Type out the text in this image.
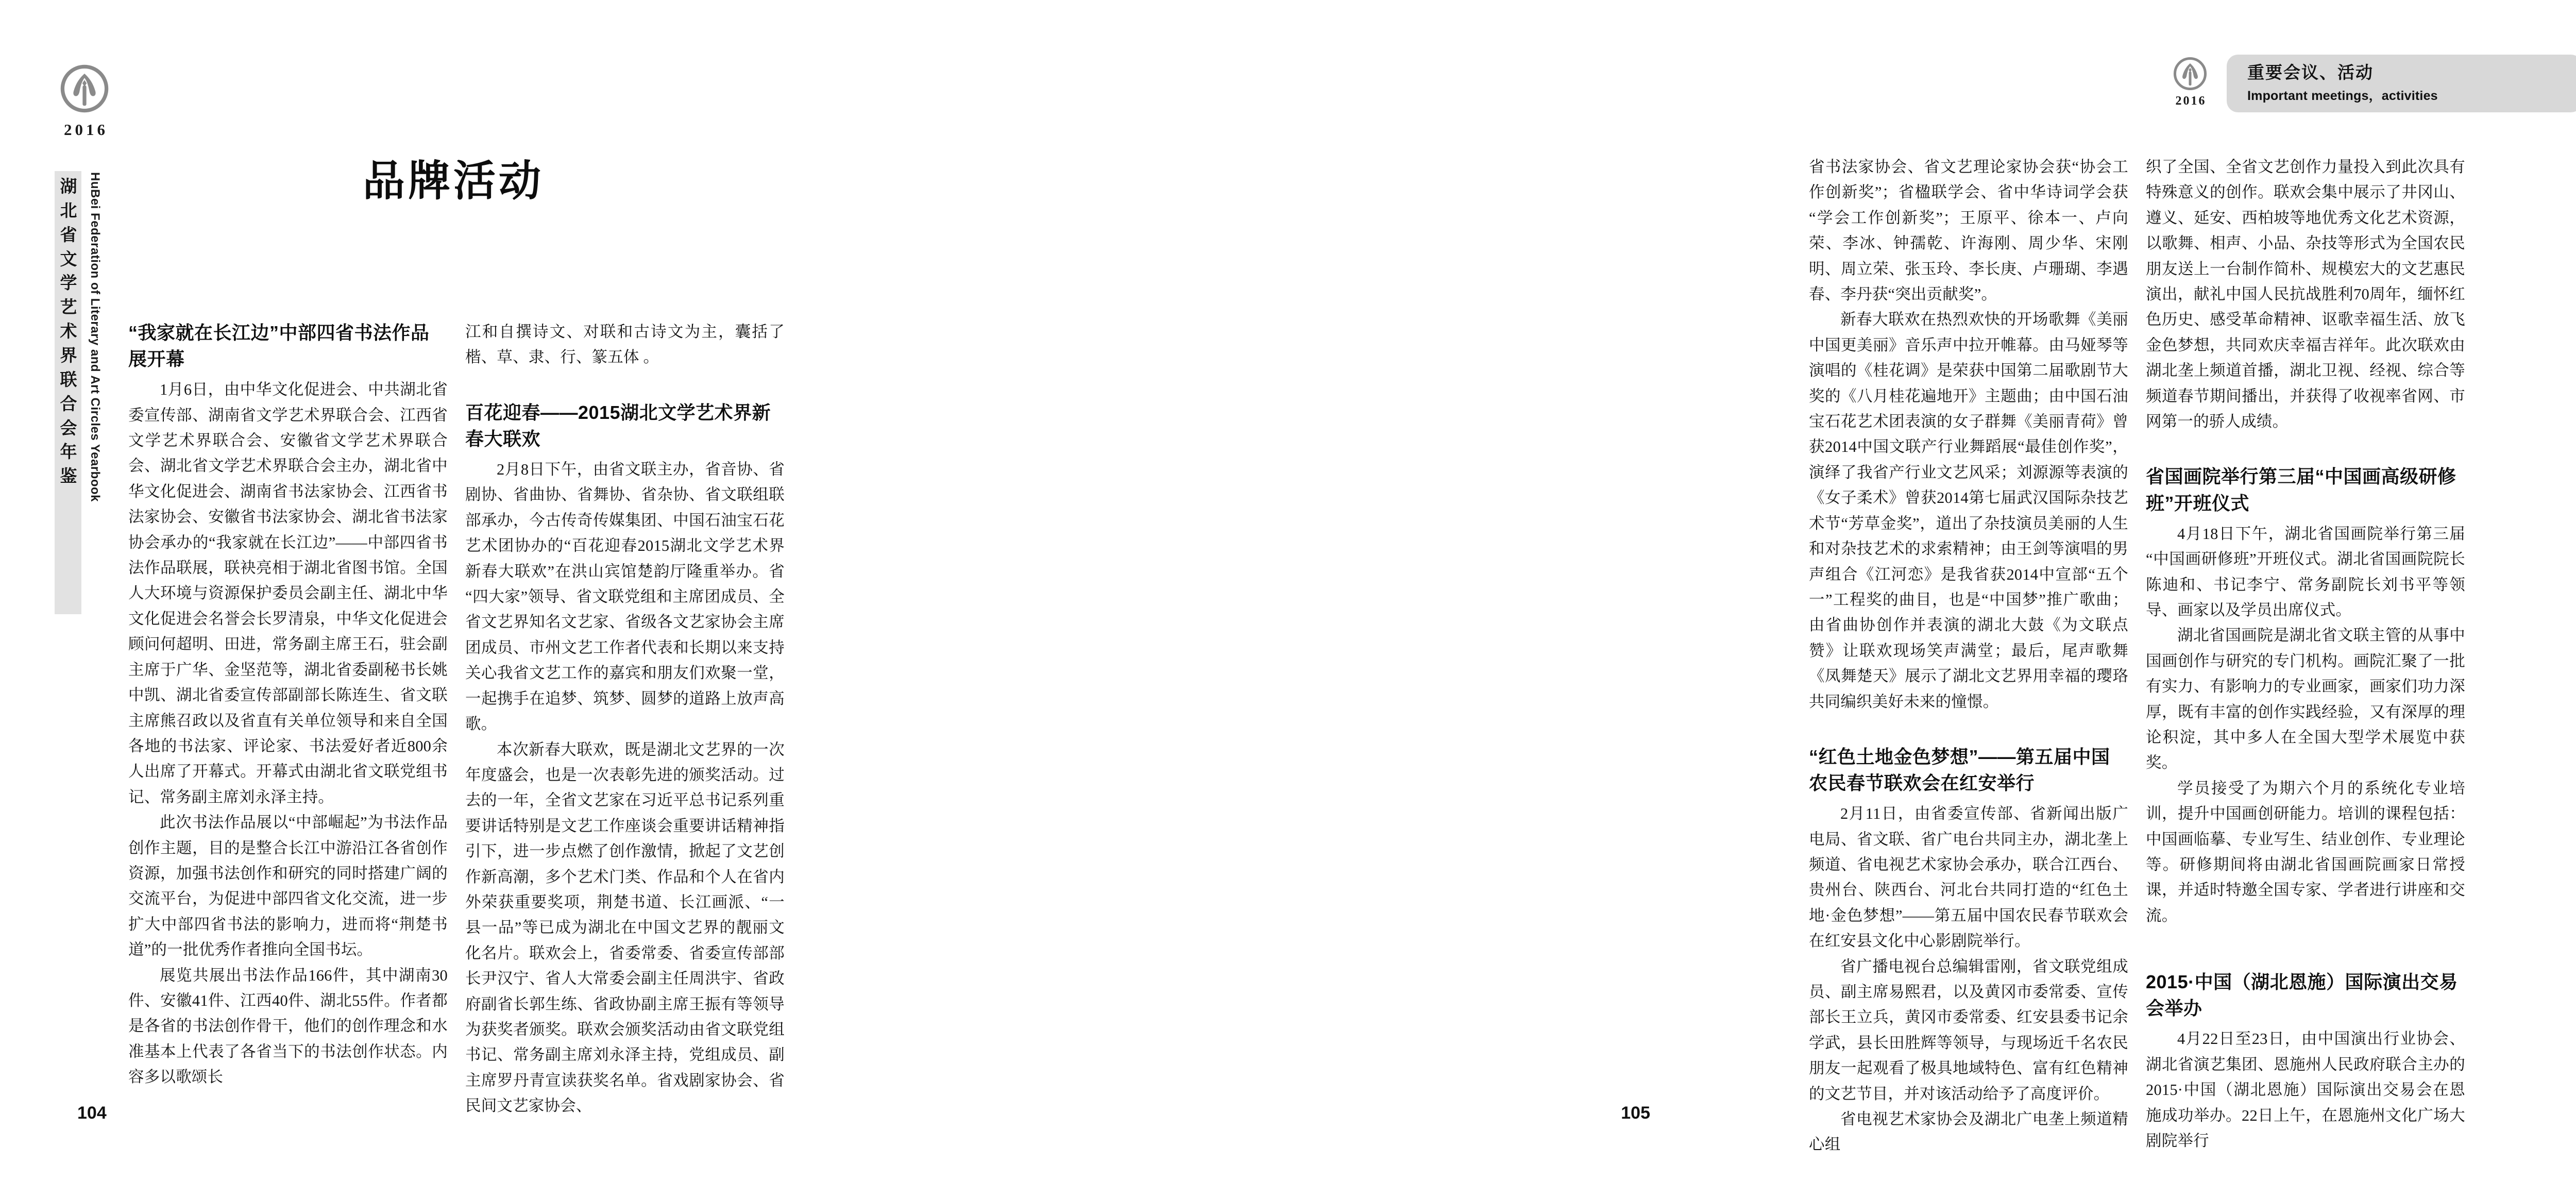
2016
湖
北
省
文
学
艺
术
界
联
合
会
年
鉴 HuBei Federation of Literary and Art Circles Yearbook	品牌活动
“我家就在长江边”中部四省书法作品展开幕

1月6日，由中华文化促进会、中共湖北省委宣传部、湖南省文学艺术界联合会、江西省文学艺术界联合会、安徽省文学艺术界联合会、湖北省文学艺术界联合会主办，湖北省中华文化促进会、湖南省书法家协会、江西省书法家协会、安徽省书法家协会、湖北省书法家协会承办的“我家就在长江边”——中部四省书法作品联展，联袂亮相于湖北省图书馆。全国人大环境与资源保护委员会副主任、湖北中华文化促进会名誉会长罗清泉，中华文化促进会顾问何超明、田进，常务副主席王石，驻会副主席于广华、金坚范等，湖北省委副秘书长姚中凯、湖北省委宣传部副部长陈连生、省文联主席熊召政以及省直有关单位领导和来自全国各地的书法家、评论家、书法爱好者近800余人出席了开幕式。开幕式由湖北省文联党组书记、常务副主席刘永泽主持。

此次书法作品展以“中部崛起”为书法作品创作主题，目的是整合长江中游沿江各省创作资源，加强书法创作和研究的同时搭建广阔的交流平台，为促进中部四省文化交流，进一步扩大中部四省书法的影响力，进而将“荆楚书道”的一批优秀作者推向全国书坛。

展览共展出书法作品166件，其中湖南30件、安徽41件、江西40件、湖北55件。作者都是各省的书法创作骨干，他们的创作理念和水准基本上代表了各省当下的书法创作状态。内容多以歌颂长

江和自撰诗文、对联和古诗文为主，囊括了楷、草、隶、行、篆五体 。

百花迎春——2015湖北文学艺术界新春大联欢

2月8日下午，由省文联主办，省音协、省剧协、省曲协、省舞协、省杂协、省文联组联部承办，今古传奇传媒集团、中国石油宝石花艺术团协办的“百花迎春2015湖北文学艺术界新春大联欢”在洪山宾馆楚韵厅隆重举办。省“四大家”领导、省文联党组和主席团成员、全省文艺界知名文艺家、省级各文艺家协会主席团成员、市州文艺工作者代表和长期以来支持关心我省文艺工作的嘉宾和朋友们欢聚一堂，一起携手在追梦、筑梦、圆梦的道路上放声高歌。

本次新春大联欢，既是湖北文艺界的一次年度盛会，也是一次表彰先进的颁奖活动。过去的一年，全省文艺家在习近平总书记系列重要讲话特别是文艺工作座谈会重要讲话精神指引下，进一步点燃了创作激情，掀起了文艺创作新高潮，多个艺术门类、作品和个人在省内外荣获重要奖项，荆楚书道、长江画派、“一县一品”等已成为湖北在中国文艺界的靓丽文化名片。联欢会上，省委常委、省委宣传部部长尹汉宁、省人大常委会副主任周洪宇、省政府副省长郭生练、省政协副主席王振有等领导为获奖者颁奖。联欢会颁奖活动由省文联党组书记、常务副主席刘永泽主持，党组成员、副主席罗丹青宣读获奖名单。省戏剧家协会、省民间文艺家协会、

104
2016
重要会议、活动
Important meetings，activities

省书法家协会、省文艺理论家协会获“协会工作创新奖”；省楹联学会、省中华诗词学会获“学会工作创新奖”；王原平、徐本一、卢向荣、李冰、钟孺乾、许海刚、周少华、宋刚明、周立荣、张玉玲、李长庚、卢珊瑚、李遇春、李丹获“突出贡献奖”。

新春大联欢在热烈欢快的开场歌舞《美丽中国更美丽》音乐声中拉开帷幕。由马娅琴等演唱的《桂花调》是荣获中国第二届歌剧节大奖的《八月桂花遍地开》主题曲；由中国石油宝石花艺术团表演的女子群舞《美丽青荷》曾获2014中国文联产行业舞蹈展“最佳创作奖”，演绎了我省产行业文艺风采；刘源源等表演的《女子柔术》曾获2014第七届武汉国际杂技艺术节“芳草金奖”，道出了杂技演员美丽的人生和对杂技艺术的求索精神；由王剑等演唱的男声组合《江河恋》是我省获2014中宣部“五个一”工程奖的曲目，也是“中国梦”推广歌曲；由省曲协创作并表演的湖北大鼓《为文联点赞》让联欢现场笑声满堂；最后，尾声歌舞《凤舞楚天》展示了湖北文艺界用幸福的璎珞共同编织美好未来的憧憬。

“红色土地金色梦想”——第五届中国农民春节联欢会在红安举行

2月11日，由省委宣传部、省新闻出版广电局、省文联、省广电台共同主办，湖北垄上频道、省电视艺术家协会承办，联合江西台、贵州台、陕西台、河北台共同打造的“红色土地·金色梦想”——第五届中国农民春节联欢会在红安县文化中心影剧院举行。

省广播电视台总编辑雷刚，省文联党组成员、副主席易熙君，以及黄冈市委常委、宣传部长王立兵，黄冈市委常委、红安县委书记余学武，县长田胜辉等领导，与现场近千名农民朋友一起观看了极具地域特色、富有红色精神的文艺节目，并对该活动给予了高度评价。

省电视艺术家协会及湖北广电垄上频道精心组

织了全国、全省文艺创作力量投入到此次具有特殊意义的创作。联欢会集中展示了井冈山、遵义、延安、西柏坡等地优秀文化艺术资源，以歌舞、相声、小品、杂技等形式为全国农民朋友送上一台制作简朴、规模宏大的文艺惠民演出，献礼中国人民抗战胜利70周年，缅怀红色历史、感受革命精神、讴歌幸福生活、放飞金色梦想，共同欢庆幸福吉祥年。此次联欢由湖北垄上频道首播，湖北卫视、经视、综合等频道春节期间播出，并获得了收视率省网、市网第一的骄人成绩。

省国画院举行第三届“中国画高级研修班”开班仪式

4月18日下午，湖北省国画院举行第三届“中国画研修班”开班仪式。湖北省国画院院长陈迪和、书记李宁、常务副院长刘书平等领导、画家以及学员出席仪式。

湖北省国画院是湖北省文联主管的从事中国画创作与研究的专门机构。画院汇聚了一批有实力、有影响力的专业画家，画家们功力深厚，既有丰富的创作实践经验，又有深厚的理论积淀，其中多人在全国大型学术展览中获奖。

学员接受了为期六个月的系统化专业培训，提升中国画创研能力。培训的课程包括：中国画临摹、专业写生、结业创作、专业理论等。研修期间将由湖北省国画院画家日常授课，并适时特邀全国专家、学者进行讲座和交流。

2015·中国（湖北恩施）国际演出交易会举办

4月22日至23日，由中国演出行业协会、湖北省演艺集团、恩施州人民政府联合主办的2015·中国（湖北恩施）国际演出交易会在恩施成功举办。22日上午，在恩施州文化广场大剧院举行

105
